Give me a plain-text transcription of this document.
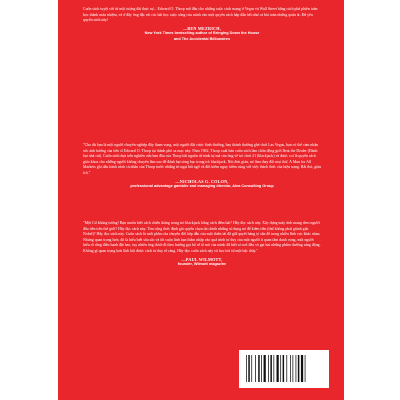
Cuốn sách tuyệt vời từ một tượng đài thực sự... Edward O. Thorp mở đầu cho những cuộc cách mạng ở Vegas và Wall Street bằng cách phá phiên toàn học thành máu nhiệm, và ở đây ông đặc rút các bài học cuộc sống của mình vào một quyển sách hấp dẫn hết như cả bài toán những quân át. Đã yêu quyển sách này!

—BEN MEZRICH,
New York Times bestselling author of Bringing Down the House
and The Accidental Billionaires

"Cho dù bạn là một người chuyên nghiệp đầy tham vọng, một người đặt cược bình thường, hay thành thường ghé chơi Las Vegas, bạn có thể cảm nhận sức ảnh hưởng của tiến sĩ Edward O. Thorp tại thành phố sa mạc này. Năm 1962, Thorp xuất bản cuốn sách làm chấn động giới Beat the Dealer (Đánh bại nhà cái). Cuốn sách dựa trên nghiên cứu ban đầu của Thorp bắt nguồn từ trình tự mà của ông về trò chơi 21 (blackjack) và được coi là quyển sách giáo khoa cho những người không chuyên làm sao để đánh bại sòng bạc trong trò blackjack. Nói đơn giản, nó làm thay đổi mọi thứ. A Man for All Markets ghi dấu hành trình cá nhân của Thorp trước những trì ngại bất ngờ và đời kiếm nguy hiểm cùng với việc thách thức của hiện trạng. Rất thú, giàu ích."

—NICHOLAS G. COLON,
professional advantage gambler and managing director, Alea Consulting Group

"Một Cứ không tưởng! Bạn muốn biết cách chiến thắng trong trò blackjack bằng cách đếm bài? Hãy đọc sách này. Xây dựng máy tính mang theo người đầu tiên trên thế giới? Hãy đọc sách này. Tìm cộng thức định giá quyền chọn tài chính những số dụng nó để kiếm tiền (thứ không phải giành giải Nobel)? Hãy đọc sách này. Cuốn sách là mới phần câu chuyện đời hấp dẫn của một thiên tài đã giữ quyết hàng tỷ sắn để trong nhiều lĩnh vực khác nhau. Nhưng quan trọng hơn, đó là hiểu biết sâu sắc và tốt cuộn linh bạn thâm nhập vào quá trình tư duy của một người ít quan tâm danh vọng, một người hiểu rõ rằng điều hạnh đặt bao, tuy nhiên ông thích đi theo hướng gọi bổ sẽ tô mô của mình đã biết có nơi đầu và gạt hai những phẩm thường sáng động. Không gì quan trọng hơn lĩnh hội được cách tư duy rõ ràng. Hãy đọc cuốn sách này và học hỏi từ một bậc thầy."

—PAUL WILMOTT,
founder, Wilmott magazine
